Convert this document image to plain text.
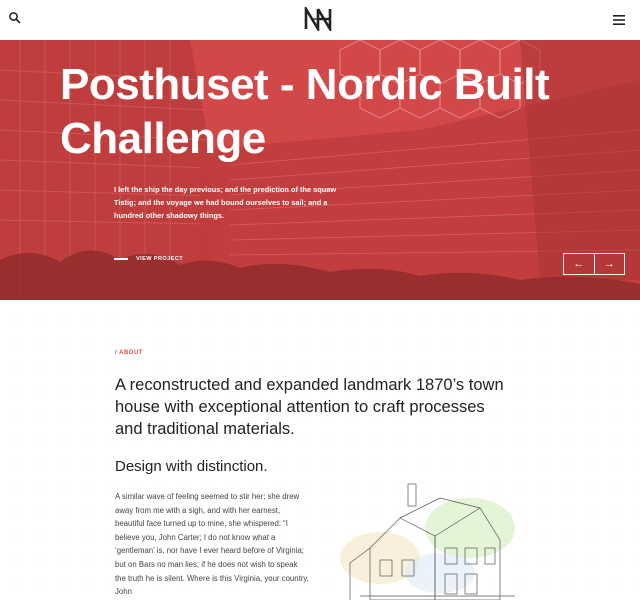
Posthuset - Nordic Built Challenge
I left the ship the day previous; and the prediction of the squaw Tistig; and the voyage we had bound ourselves to sail; and a hundred other shadowy things.
VIEW PROJECT	← →
/ ABOUT
A reconstructed and expanded landmark 1870’s town house with exceptional attention to craft processes and traditional materials.
Design with distinction.
A similar wave of feeling seemed to stir her; she drew away from me with a sigh, and with her earnest, beautiful face turned up to mine, she whispered: “I believe you, John Carter; I do not know what a ‘gentleman’ is, nor have I ever heard before of Virginia; but on Bars no man lies; if he does not wish to speak the truth he is silent. Where is this Virginia, your country, John
